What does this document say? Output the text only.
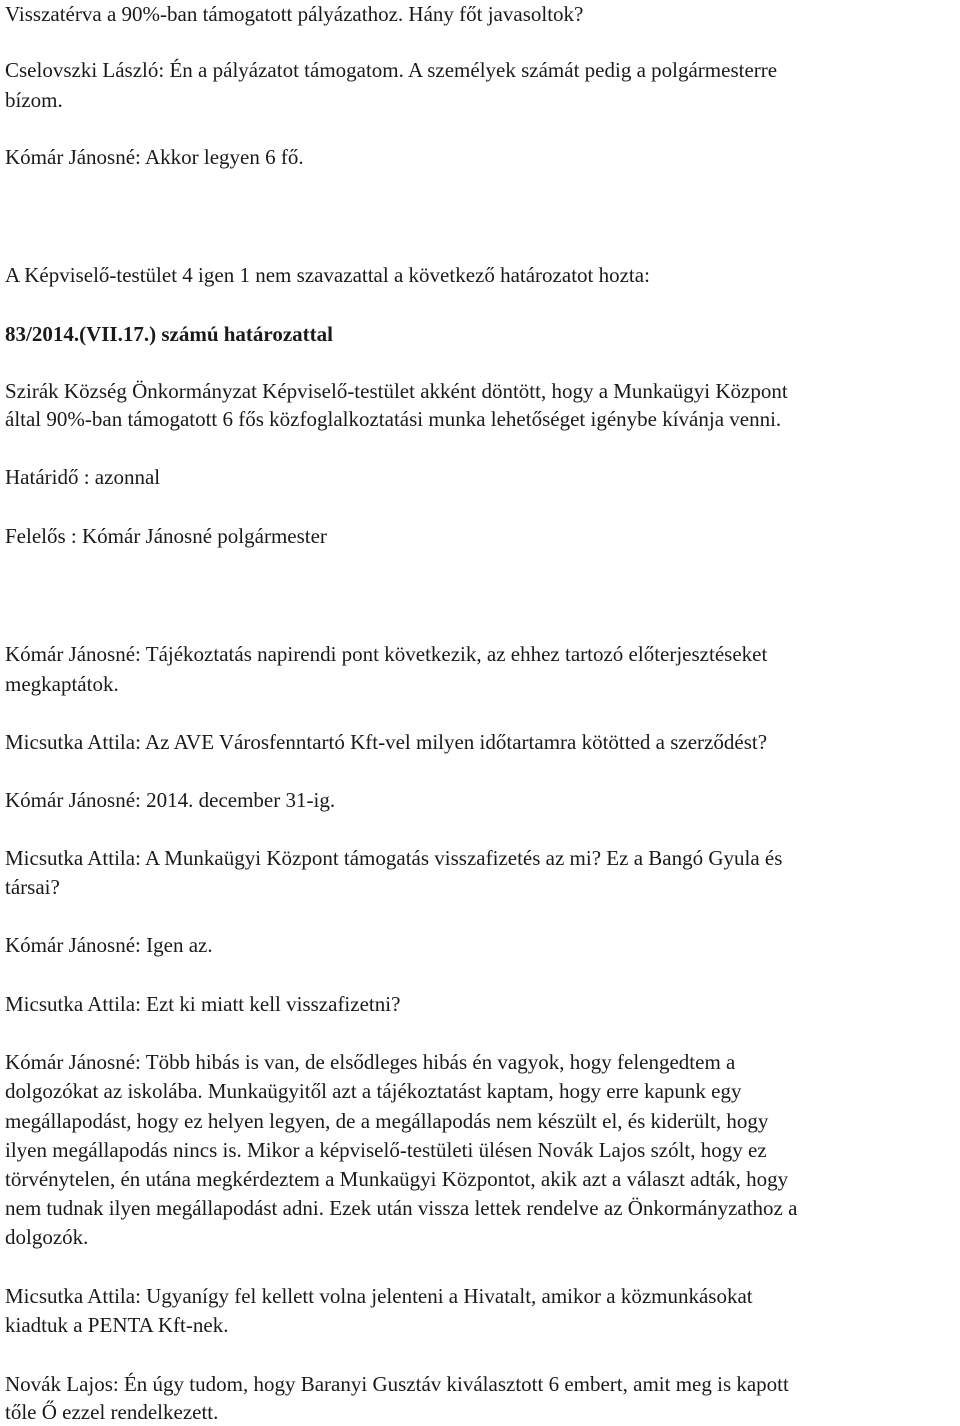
Visszatérva a 90%-ban támogatott pályázathoz. Hány főt javasoltok?

Cselovszki László: Én a pályázatot támogatom. A személyek számát pedig a polgármesterre

bízom.

Kómár Jánosné: Akkor legyen 6 fő.

A Képviselő-testület 4 igen 1 nem szavazattal a következő határozatot hozta:

83/2014.(VII.17.) számú határozattal

Szirák Község Önkormányzat Képviselő-testület akként döntött, hogy a Munkaügyi Központ

által 90%-ban támogatott 6 fős közfoglalkoztatási munka lehetőséget igénybe kívánja venni.

Határidő : azonnal

Felelős : Kómár Jánosné polgármester

Kómár Jánosné: Tájékoztatás napirendi pont következik, az ehhez tartozó előterjesztéseket

megkaptátok.

Micsutka Attila: Az AVE Városfenntartó Kft-vel milyen időtartamra kötötted a szerződést?

Kómár Jánosné: 2014. december 31-ig.

Micsutka Attila: A Munkaügyi Központ támogatás visszafizetés az mi? Ez a Bangó Gyula és

társai?

Kómár Jánosné: Igen az.

Micsutka Attila: Ezt ki miatt kell visszafizetni?

Kómár Jánosné: Több hibás is van, de elsődleges hibás én vagyok, hogy felengedtem a

dolgozókat az iskolába. Munkaügyitől azt a tájékoztatást kaptam, hogy erre kapunk egy

megállapodást, hogy ez helyen legyen, de a megállapodás nem készült el, és kiderült, hogy

ilyen megállapodás nincs is. Mikor a képviselő-testületi ülésen Novák Lajos szólt, hogy ez

törvénytelen, én utána megkérdeztem a Munkaügyi Központot, akik azt a választ adták, hogy

nem tudnak ilyen megállapodást adni. Ezek után vissza lettek rendelve az Önkormányzathoz a

dolgozók.

Micsutka Attila: Ugyanígy fel kellett volna jelenteni a Hivatalt, amikor a közmunkásokat

kiadtuk a PENTA Kft-nek.

Novák Lajos: Én úgy tudom, hogy Baranyi Gusztáv kiválasztott 6 embert, amit meg is kapott

tőle Ő ezzel rendelkezett.
